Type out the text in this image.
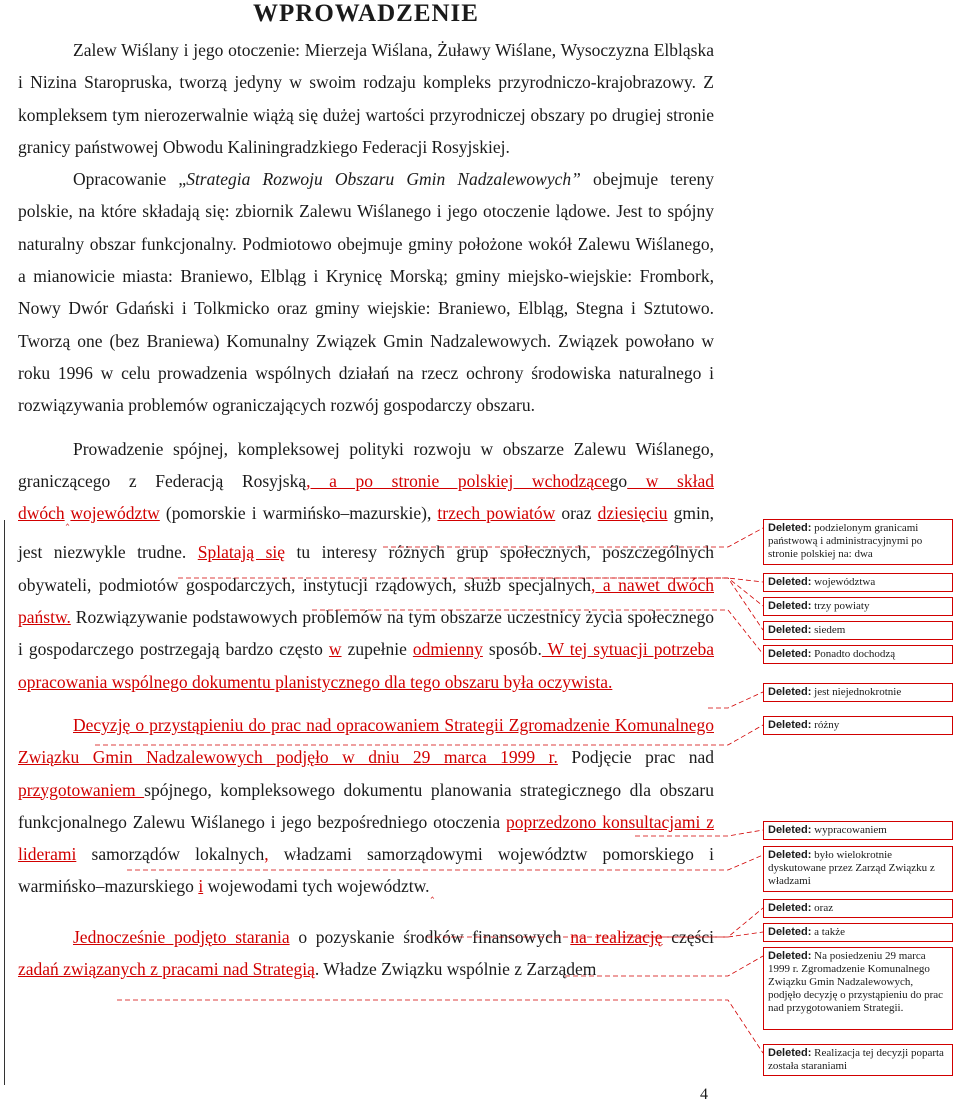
WPROWADZENIE

Zalew Wiślany i jego otoczenie: Mierzeja Wiślana, Żuławy Wiślane, Wysoczyzna Elbląska i Nizina Staropruska, tworzą jedyny w swoim rodzaju kompleks przyrodniczo-krajobrazowy. Z kompleksem tym nierozerwalnie wiążą się dużej wartości przyrodniczej obszary po drugiej stronie granicy państwowej Obwodu Kaliningradzkiego Federacji Rosyjskiej.

Opracowanie „Strategia Rozwoju Obszaru Gmin Nadzalewowych” obejmuje tereny polskie, na które składają się: zbiornik Zalewu Wiślanego i jego otoczenie lądowe. Jest to spójny naturalny obszar funkcjonalny. Podmiotowo obejmuje gminy położone wokół Zalewu Wiślanego, a mianowicie miasta: Braniewo, Elbląg i Krynicę Morską; gminy miejsko-wiejskie: Frombork, Nowy Dwór Gdański i Tolkmicko oraz gminy wiejskie: Braniewo, Elbląg, Stegna i Sztutowo. Tworzą one (bez Braniewa) Komunalny Związek Gmin Nadzalewowych. Związek powołano w roku 1996 w celu prowadzenia wspólnych działań na rzecz ochrony środowiska naturalnego i rozwiązywania problemów ograniczających rozwój gospodarczy obszaru.

Prowadzenie spójnej, kompleksowej polityki rozwoju w obszarze Zalewu Wiślanego, graniczącego z Federacją Rosyjską, a po stronie polskiej wchodzącego w skład dwóch$_‸$województw (pomorskie i warmińsko–mazurskie), trzech powiatów oraz dziesięciu gmin, jest niezwykle trudne. Splatają się tu interesy różnych grup społecznych, poszczególnych obywateli, podmiotów gospodarczych, instytucji rządowych, służb specjalnych, a nawet dwóch państw. Rozwiązywanie podstawowych problemów na tym obszarze uczestnicy życia społecznego i gospodarczego postrzegają bardzo często w zupełnie odmienny sposób. W tej sytuacji potrzeba opracowania wspólnego dokumentu planistycznego dla tego obszaru była oczywista.

Decyzję o przystąpieniu do prac nad opracowaniem Strategii Zgromadzenie Komunalnego Związku Gmin Nadzalewowych podjęło w dniu 29 marca 1999 r. Podjęcie prac nad przygotowaniem spójnego, kompleksowego dokumentu planowania strategicznego dla obszaru funkcjonalnego Zalewu Wiślanego i jego bezpośredniego otoczenia poprzedzono konsultacjami z liderami samorządów lokalnych, władzami samorządowymi województw pomorskiego i warmińsko–mazurskiego i wojewodami tych $województw._‸$

Jednocześnie podjęto starania o pozyskanie środków finansowych na realizację części zadań związanych z pracami nad Strategią. Władze Związku wspólnie z Zarządem

Deleted: podzielonym granicami państwową i administracyjnymi po stronie polskiej na: dwa
Deleted: województwa
Deleted: trzy powiaty
Deleted: siedem
Deleted: Ponadto dochodzą
Deleted: jest niejednokrotnie
Deleted: różny
Deleted: wypracowaniem
Deleted: było wielokrotnie dyskutowane przez Zarząd Związku z władzami
Deleted: oraz
Deleted: a także
Deleted: Na posiedzeniu 29 marca 1999 r. Zgromadzenie Komunalnego Związku Gmin Nadzalewowych, podjęło decyzję o przystąpieniu do prac nad przygotowaniem Strategii.
Deleted: Realizacja tej decyzji poparta została staraniami
4
